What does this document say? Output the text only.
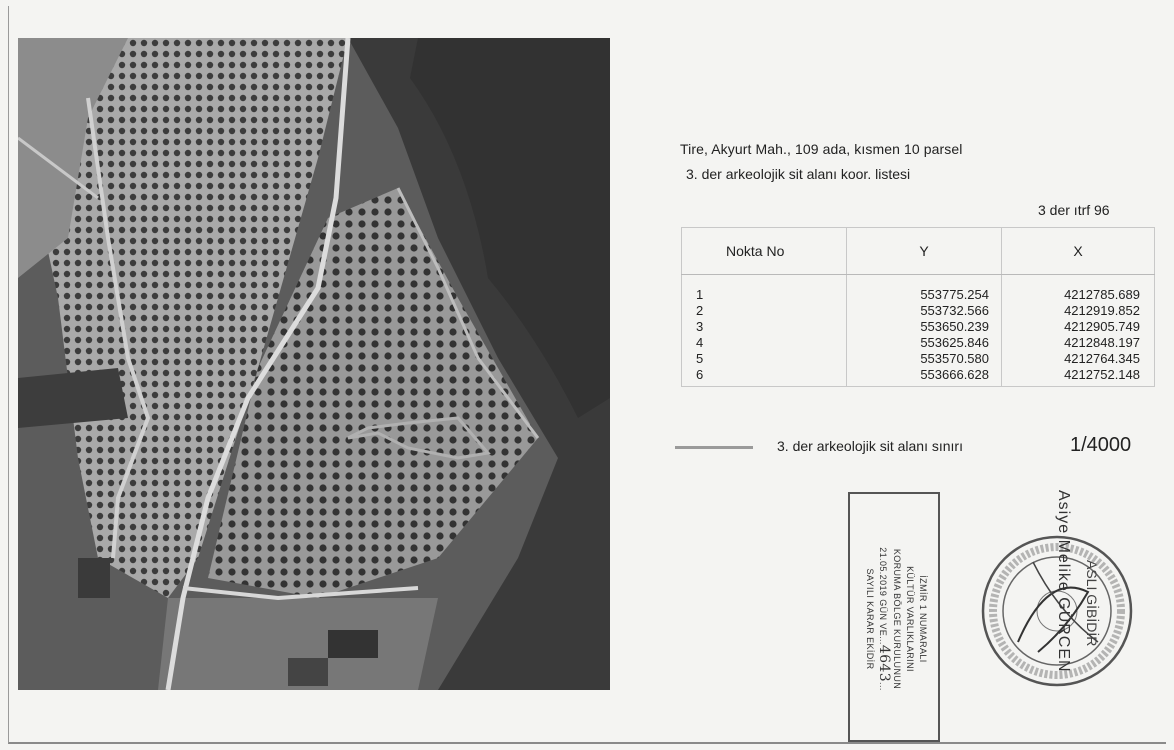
Tire, Akyurt Mah., 109 ada, kısmen 10 parsel
3. der arkeolojik sit alanı koor. listesi
3 der ıtrf 96
Nokta No	Y	X

1	553775.254	4212785.689
2	553732.566	4212919.852
3	553650.239	4212905.749
4	553625.846	4212848.197
5	553570.580	4212764.345
6	553666.628	4212752.148
3. der arkeolojik sit alanı sınırı	1/4000
İZMİR 1 NUMARALI
KÜLTÜR VARLIKLARINI
KORUMA BÖLGE KURULUNUN
21.05.2019 GÜN VE...4643...
SAYILI KARAR EKİDİR	Asiye Melike GÜRCEN ASLI GİBİDİR
